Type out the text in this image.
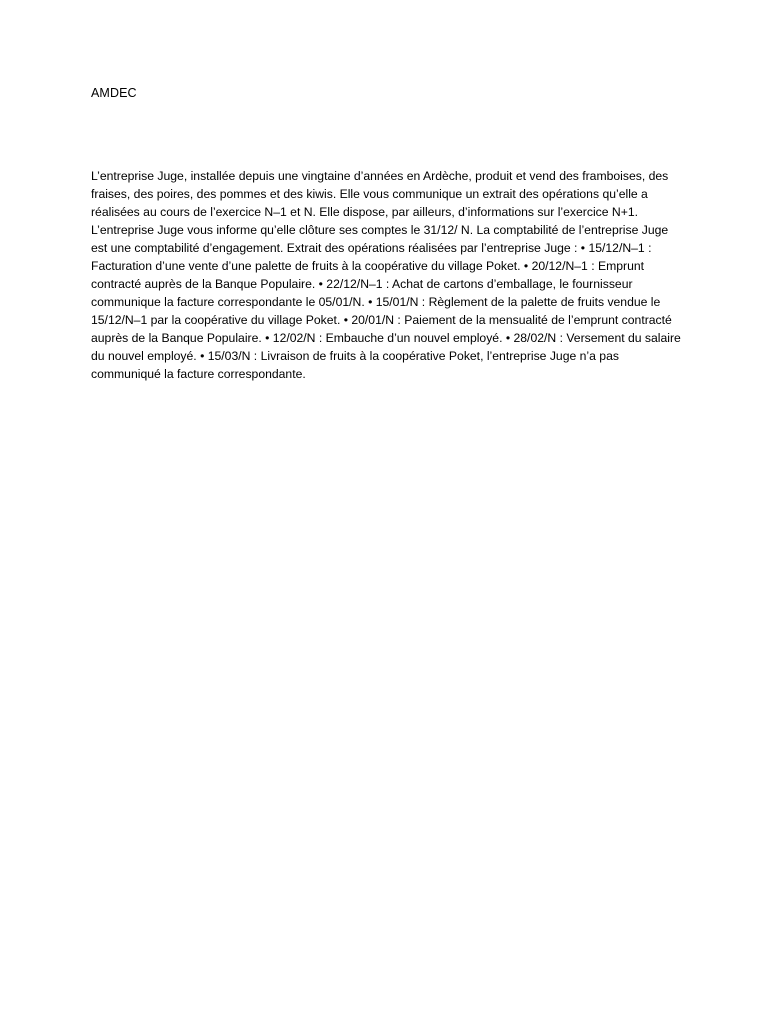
AMDEC

L’entreprise Juge, installée depuis une vingtaine d’années en Ardèche, produit et vend des framboises, des fraises, des poires, des pommes et des kiwis. Elle vous communique un extrait des opérations qu’elle a réalisées au cours de l’exercice N–1 et N. Elle dispose, par ailleurs, d’informations sur l’exercice N+1. L’entreprise Juge vous informe qu’elle clôture ses comptes le 31/12/ N. La comptabilité de l’entreprise Juge est une comptabilité d’engagement. Extrait des opérations réalisées par l’entreprise Juge : • 15/12/N–1 : Facturation d’une vente d’une palette de fruits à la coopérative du village Poket. • 20/12/N–1 : Emprunt contracté auprès de la Banque Populaire. • 22/12/N–1 : Achat de cartons d’emballage, le fournisseur communique la facture correspondante le 05/01/N. • 15/01/N : Règlement de la palette de fruits vendue le 15/12/N–1 par la coopérative du village Poket. • 20/01/N : Paiement de la mensualité de l’emprunt contracté auprès de la Banque Populaire. • 12/02/N : Embauche d’un nouvel employé. • 28/02/N : Versement du salaire du nouvel employé. • 15/03/N : Livraison de fruits à la coopérative Poket, l’entreprise Juge n’a pas communiqué la facture correspondante.
